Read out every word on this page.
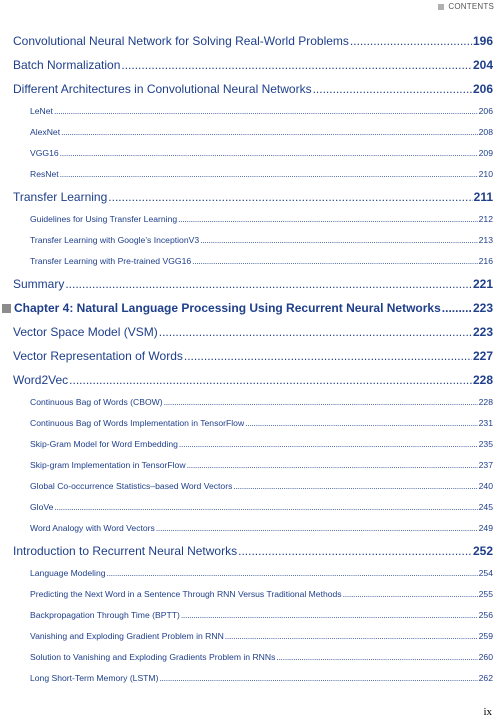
CONTENTS
Convolutional Neural Network for Solving Real-World Problems .....	196
Batch Normalization .....	204
Different Architectures in Convolutional Neural Networks .....	206
LeNet .....	206
AlexNet .....	208
VGG16 .....	209
ResNet .....	210
Transfer Learning .....	211
Guidelines for Using Transfer Learning .....	212
Transfer Learning with Google’s InceptionV3 .....	213
Transfer Learning with Pre-trained VGG16 .....	216
Summary .....	221
Chapter 4: Natural Language Processing Using Recurrent Neural Networks .....	223
Vector Space Model (VSM) .....	223
Vector Representation of Words .....	227
Word2Vec .....	228
Continuous Bag of Words (CBOW) .....	228
Continuous Bag of Words Implementation in TensorFlow .....	231
Skip-Gram Model for Word Embedding .....	235
Skip-gram Implementation in TensorFlow .....	237
Global Co-occurrence Statistics–based Word Vectors .....	240
GloVe .....	245
Word Analogy with Word Vectors .....	249
Introduction to Recurrent Neural Networks .....	252
Language Modeling .....	254
Predicting the Next Word in a Sentence Through RNN Versus Traditional Methods .....	255
Backpropagation Through Time (BPTT) .....	256
Vanishing and Exploding Gradient Problem in RNN .....	259
Solution to Vanishing and Exploding Gradients Problem in RNNs .....	260
Long Short-Term Memory (LSTM) .....	262
ix
